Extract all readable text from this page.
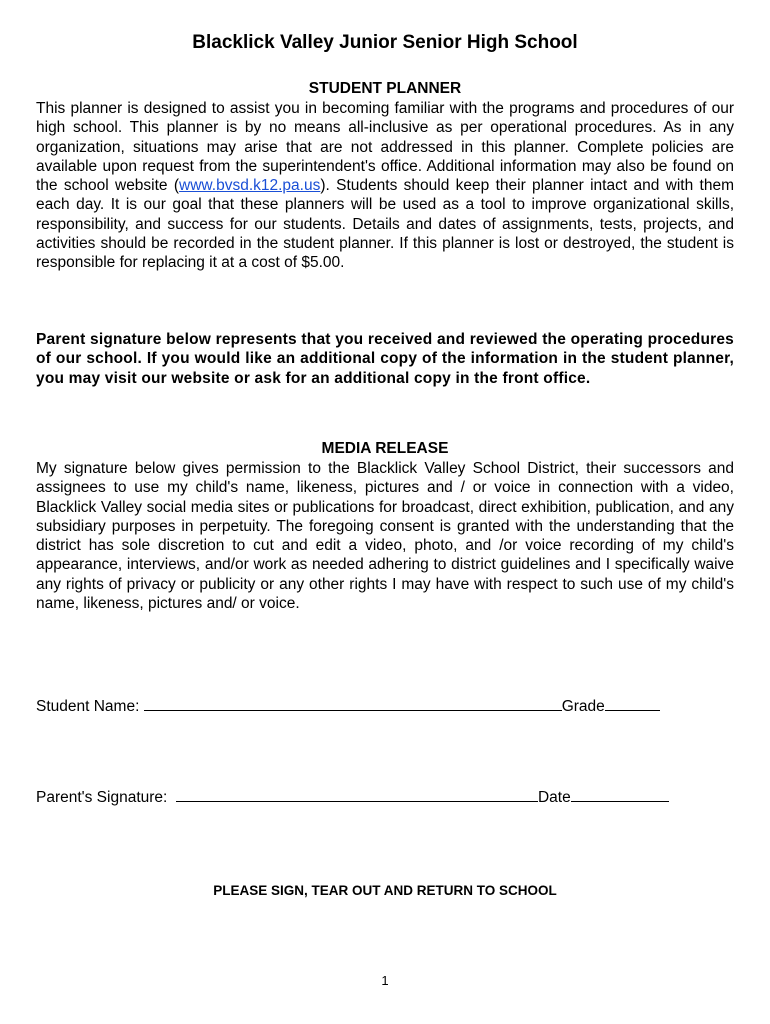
Blacklick Valley Junior Senior High School
STUDENT PLANNER
This planner is designed to assist you in becoming familiar with the programs and procedures of our high school. This planner is by no means all-inclusive as per operational procedures. As in any organization, situations may arise that are not addressed in this planner. Complete policies are available upon request from the superintendent's office. Additional information may also be found on the school website (www.bvsd.k12.pa.us). Students should keep their planner intact and with them each day. It is our goal that these planners will be used as a tool to improve organizational skills, responsibility, and success for our students. Details and dates of assignments, tests, projects, and activities should be recorded in the student planner. If this planner is lost or destroyed, the student is responsible for replacing it at a cost of $5.00.
Parent signature below represents that you received and reviewed the operating procedures of our school. If you would like an additional copy of the information in the student planner, you may visit our website or ask for an additional copy in the front office.
MEDIA RELEASE
My signature below gives permission to the Blacklick Valley School District, their successors and assignees to use my child's name, likeness, pictures and / or voice in connection with a video, Blacklick Valley social media sites or publications for broadcast, direct exhibition, publication, and any subsidiary purposes in perpetuity. The foregoing consent is granted with the understanding that the district has sole discretion to cut and edit a video, photo, and /or voice recording of my child's appearance, interviews, and/or work as needed adhering to district guidelines and I specifically waive any rights of privacy or publicity or any other rights I may have with respect to such use of my child's name, likeness, pictures and/ or voice.
Student Name:	Grade
Parent's Signature:	Date
PLEASE SIGN, TEAR OUT AND RETURN TO SCHOOL
1
